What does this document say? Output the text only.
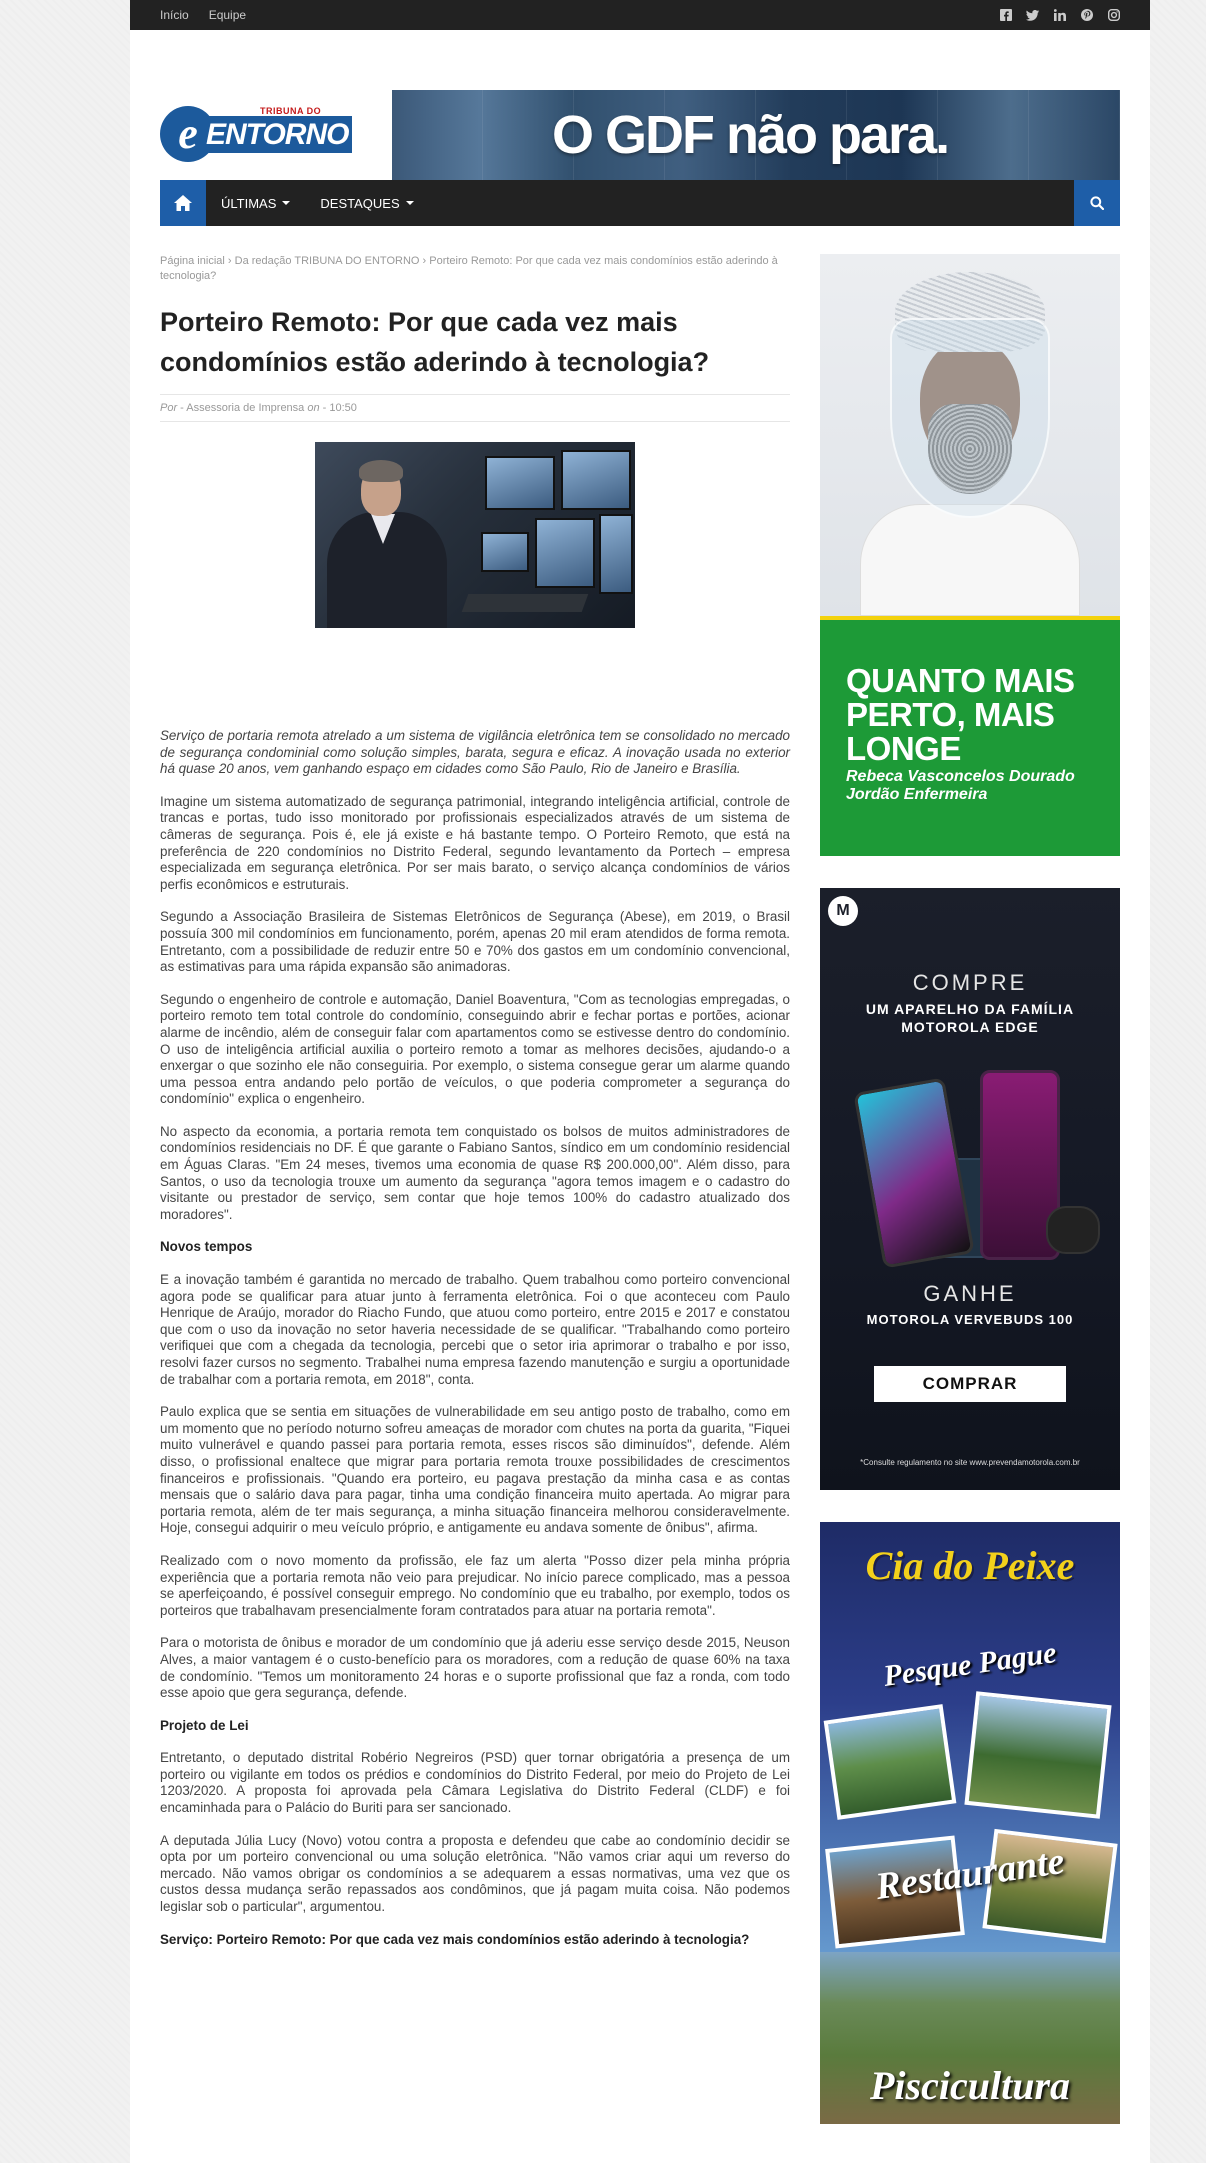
Início Equipe
e ENTORNO
TRIBUNA DO	O GDF não para.
ÚLTIMAS	DESTAQUES
Página inicial › Da redação TRIBUNA DO ENTORNO › Porteiro Remoto: Por que cada vez mais condomínios estão aderindo à tecnologia?
Porteiro Remoto: Por que cada vez mais condomínios estão aderindo à tecnologia?
Por - Assessoria de Imprensa on - 10:50

Serviço de portaria remota atrelado a um sistema de vigilância eletrônica tem se consolidado no mercado de segurança condominial como solução simples, barata, segura e eficaz. A inovação usada no exterior há quase 20 anos, vem ganhando espaço em cidades como São Paulo, Rio de Janeiro e Brasília.

Imagine um sistema automatizado de segurança patrimonial, integrando inteligência artificial, controle de trancas e portas, tudo isso monitorado por profissionais especializados através de um sistema de câmeras de segurança. Pois é, ele já existe e há bastante tempo. O Porteiro Remoto, que está na preferência de 220 condomínios no Distrito Federal, segundo levantamento da Portech – empresa especializada em segurança eletrônica. Por ser mais barato, o serviço alcança condomínios de vários perfis econômicos e estruturais.

Segundo a Associação Brasileira de Sistemas Eletrônicos de Segurança (Abese), em 2019, o Brasil possuía 300 mil condomínios em funcionamento, porém, apenas 20 mil eram atendidos de forma remota. Entretanto, com a possibilidade de reduzir entre 50 e 70% dos gastos em um condomínio convencional, as estimativas para uma rápida expansão são animadoras.

Segundo o engenheiro de controle e automação, Daniel Boaventura, "Com as tecnologias empregadas, o porteiro remoto tem total controle do condomínio, conseguindo abrir e fechar portas e portões, acionar alarme de incêndio, além de conseguir falar com apartamentos como se estivesse dentro do condomínio. O uso de inteligência artificial auxilia o porteiro remoto a tomar as melhores decisões, ajudando-o a enxergar o que sozinho ele não conseguiria. Por exemplo, o sistema consegue gerar um alarme quando uma pessoa entra andando pelo portão de veículos, o que poderia comprometer a segurança do condomínio" explica o engenheiro.

No aspecto da economia, a portaria remota tem conquistado os bolsos de muitos administradores de condomínios residenciais no DF. É que garante o Fabiano Santos, síndico em um condomínio residencial em Águas Claras. "Em 24 meses, tivemos uma economia de quase R$ 200.000,00". Além disso, para Santos, o uso da tecnologia trouxe um aumento da segurança "agora temos imagem e o cadastro do visitante ou prestador de serviço, sem contar que hoje temos 100% do cadastro atualizado dos moradores".

Novos tempos

E a inovação também é garantida no mercado de trabalho. Quem trabalhou como porteiro convencional agora pode se qualificar para atuar junto à ferramenta eletrônica. Foi o que aconteceu com Paulo Henrique de Araújo, morador do Riacho Fundo, que atuou como porteiro, entre 2015 e 2017 e constatou que com o uso da inovação no setor haveria necessidade de se qualificar. "Trabalhando como porteiro verifiquei que com a chegada da tecnologia, percebi que o setor iria aprimorar o trabalho e por isso, resolvi fazer cursos no segmento. Trabalhei numa empresa fazendo manutenção e surgiu a oportunidade de trabalhar com a portaria remota, em 2018", conta.

Paulo explica que se sentia em situações de vulnerabilidade em seu antigo posto de trabalho, como em um momento que no período noturno sofreu ameaças de morador com chutes na porta da guarita, "Fiquei muito vulnerável e quando passei para portaria remota, esses riscos são diminuídos", defende. Além disso, o profissional enaltece que migrar para portaria remota trouxe possibilidades de crescimentos financeiros e profissionais. "Quando era porteiro, eu pagava prestação da minha casa e as contas mensais que o salário dava para pagar, tinha uma condição financeira muito apertada. Ao migrar para portaria remota, além de ter mais segurança, a minha situação financeira melhorou consideravelmente. Hoje, consegui adquirir o meu veículo próprio, e antigamente eu andava somente de ônibus", afirma.

Realizado com o novo momento da profissão, ele faz um alerta "Posso dizer pela minha própria experiência que a portaria remota não veio para prejudicar. No início parece complicado, mas a pessoa se aperfeiçoando, é possível conseguir emprego. No condomínio que eu trabalho, por exemplo, todos os porteiros que trabalhavam presencialmente foram contratados para atuar na portaria remota".

Para o motorista de ônibus e morador de um condomínio que já aderiu esse serviço desde 2015, Neuson Alves, a maior vantagem é o custo-benefício para os moradores, com a redução de quase 60% na taxa de condomínio. "Temos um monitoramento 24 horas e o suporte profissional que faz a ronda, com todo esse apoio que gera segurança, defende.

Projeto de Lei

Entretanto, o deputado distrital Robério Negreiros (PSD) quer tornar obrigatória a presença de um porteiro ou vigilante em todos os prédios e condomínios do Distrito Federal, por meio do Projeto de Lei 1203/2020. A proposta foi aprovada pela Câmara Legislativa do Distrito Federal (CLDF) e foi encaminhada para o Palácio do Buriti para ser sancionado.

A deputada Júlia Lucy (Novo) votou contra a proposta e defendeu que cabe ao condomínio decidir se opta por um porteiro convencional ou uma solução eletrônica. "Não vamos criar aqui um reverso do mercado. Não vamos obrigar os condomínios a se adequarem a essas normativas, uma vez que os custos dessa mudança serão repassados aos condôminos, que já pagam muita coisa. Não podemos legislar sob o particular", argumentou.

Serviço: Porteiro Remoto: Por que cada vez mais condomínios estão aderindo à tecnologia?
QUANTO MAIS PERTO, MAIS LONGE
Rebeca Vasconcelos Dourado Jordão Enfermeira
M
COMPRE
UM APARELHO DA FAMÍLIA MOTOROLA EDGE
GANHE
MOTOROLA VERVEBUDS 100
COMPRAR
*Consulte regulamento no site www.prevendamotorola.com.br
Cia do Peixe
Pesque Pague
Restaurante
Piscicultura
